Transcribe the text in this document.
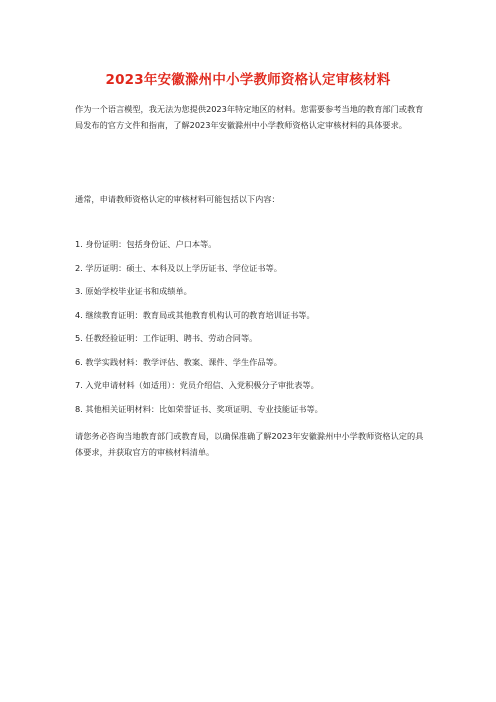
2023年安徽滁州中小学教师资格认定审核材料

作为一个语言模型，我无法为您提供2023年特定地区的材料。您需要参考当地的教育部门或教育局发布的官方文件和指南，了解2023年安徽滁州中小学教师资格认定审核材料的具体要求。

通常，申请教师资格认定的审核材料可能包括以下内容：

1. 身份证明：包括身份证、户口本等。
2. 学历证明：硕士、本科及以上学历证书、学位证书等。
3. 原始学校毕业证书和成绩单。
4. 继续教育证明：教育局或其他教育机构认可的教育培训证书等。
5. 任教经验证明：工作证明、聘书、劳动合同等。
6. 教学实践材料：教学评估、教案、课件、学生作品等。
7. 入党申请材料（如适用）：党员介绍信、入党积极分子审批表等。
8. 其他相关证明材料：比如荣誉证书、奖项证明、专业技能证书等。

请您务必咨询当地教育部门或教育局，以确保准确了解2023年安徽滁州中小学教师资格认定的具体要求，并获取官方的审核材料清单。
